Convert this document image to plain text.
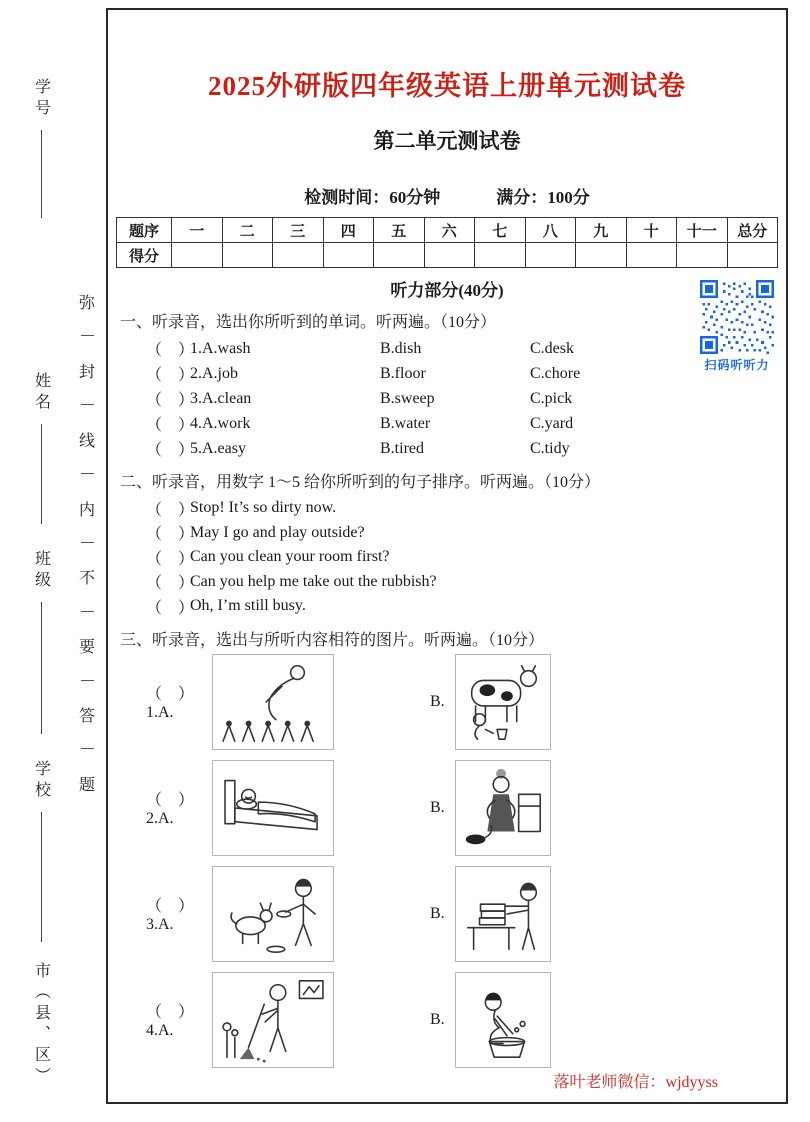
学号
姓名
班级
学校
市（县、区）
弥
封
线
内
不
要
答
题
2025外研版四年级英语上册单元测试卷
第二单元测试卷
检测时间：60分钟	满分：100分
题序	一	二	三	四	五	六	七	八	九	十	十一	总分
得分												
听力部分(40分)
扫码听听力
一、听录音，选出你所听到的单词。听两遍。（10分）
（　）
1.A.wash	B.dish	C.desk
（　）
2.A.job	B.floor	C.chore
（　）
3.A.clean	B.sweep	C.pick
（　）
4.A.work	B.water	C.yard
（　）
5.A.easy	B.tired	C.tidy
二、听录音，用数字 1～5 给你所听到的句子排序。听两遍。（10分）
（　）
Stop! It’s so dirty now.
（　）
May I go and play outside?
（　）
Can you clean your room first?
（　）
Can you help me take out the rubbish?
（　）
Oh, I’m still busy.
三、听录音，选出与所听内容相符的图片。听两遍。（10分）
（　）1.A.
B.
（　）2.A.
B.
（　）3.A.
B.
（　）4.A.
B.
落叶老师微信：wjdyyss
